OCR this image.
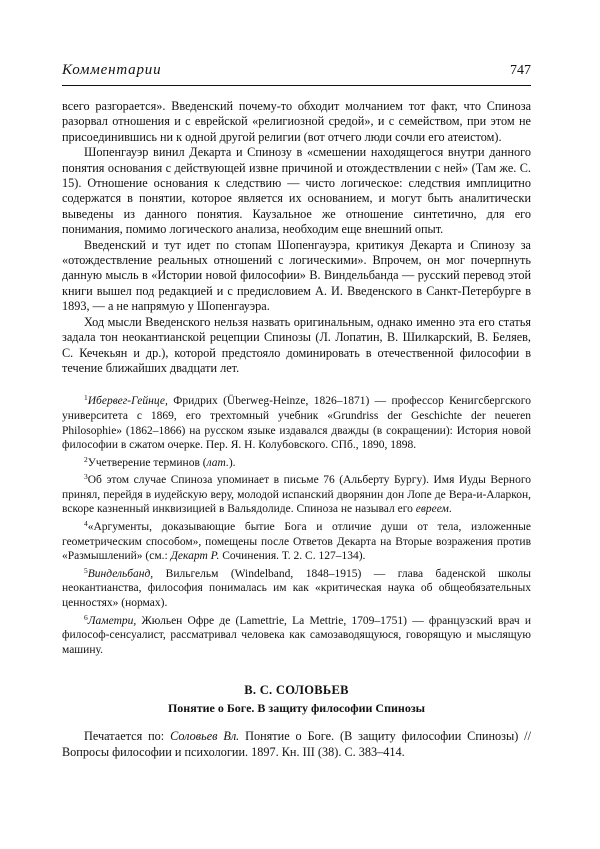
Комментарии	747

всего разгорается». Введенский почему-то обходит молчанием тот факт, что Спиноза разорвал отношения и с еврейской «религиозной средой», и с семейством, при этом не присоединившись ни к одной другой религии (вот отчего люди сочли его атеистом).

Шопенгауэр винил Декарта и Спинозу в «смешении находящегося внутри данного понятия основания с действующей извне причиной и отождествлении с ней» (Там же. С. 15). Отношение основания к следствию — чисто логическое: следствия имплицитно содержатся в понятии, которое является их основанием, и могут быть аналитически выведены из данного понятия. Каузальное же отношение синтетично, для его понимания, помимо логического анализа, необходим еще внешний опыт.

Введенский и тут идет по стопам Шопенгауэра, критикуя Декарта и Спинозу за «отождествление реальных отношений с логическими». Впрочем, он мог почерпнуть данную мысль в «Истории новой философии» В. Виндельбанда — русский перевод этой книги вышел под редакцией и с предисловием А. И. Введенского в Санкт-Петербурге в 1893, — а не напрямую у Шопенгауэра.

Ход мысли Введенского нельзя назвать оригинальным, однако именно эта его статья задала тон неокантианской рецепции Спинозы (Л. Лопатин, В. Шилкарский, В. Беляев, С. Кечекьян и др.), которой предстояло доминировать в отечественной философии в течение ближайших двадцати лет.

$^1$Ибервег-Гейнце, Фридрих (Überweg-Heinze, 1826–1871) — профессор Кенигсбергского университета с 1869, его трехтомный учебник «Grundriss der Geschichte der neueren Philosophie» (1862–1866) на русском языке издавался дважды (в сокращении): История новой философии в сжатом очерке. Пер. Я. Н. Колубовского. СПб., 1890, 1898.

$^2$Учетверение терминов (лат.).

$^3$Об этом случае Спиноза упоминает в письме 76 (Альберту Бургу). Имя Иуды Верного принял, перейдя в иудейскую веру, молодой испанский дворянин дон Лопе де Вера-и-Аларкон, вскоре казненный инквизицией в Вальядолиде. Спиноза не называл его евреем.

$^4$«Аргументы, доказывающие бытие Бога и отличие души от тела, изложенные геометрическим способом», помещены после Ответов Декарта на Вторые возражения против «Размышлений» (см.: Декарт Р. Сочинения. Т. 2. С. 127–134).

$^5$Виндельбанд, Вильгельм (Windelband, 1848–1915) — глава баденской школы неокантианства, философия понималась им как «критическая наука об общеобязательных ценностях» (нормах).

$^6$Ламетри, Жюльен Офре де (Lamettrie, La Mettrie, 1709–1751) — французский врач и философ-сенсуалист, рассматривал человека как самозаводящуюся, говорящую и мыслящую машину.

В. С. СОЛОВЬЕВ
Понятие о Боге. В защиту философии Спинозы

Печатается по: Соловьев Вл. Понятие о Боге. (В защиту философии Спинозы) // Вопросы философии и психологии. 1897. Кн. III (38). С. 383–414.
